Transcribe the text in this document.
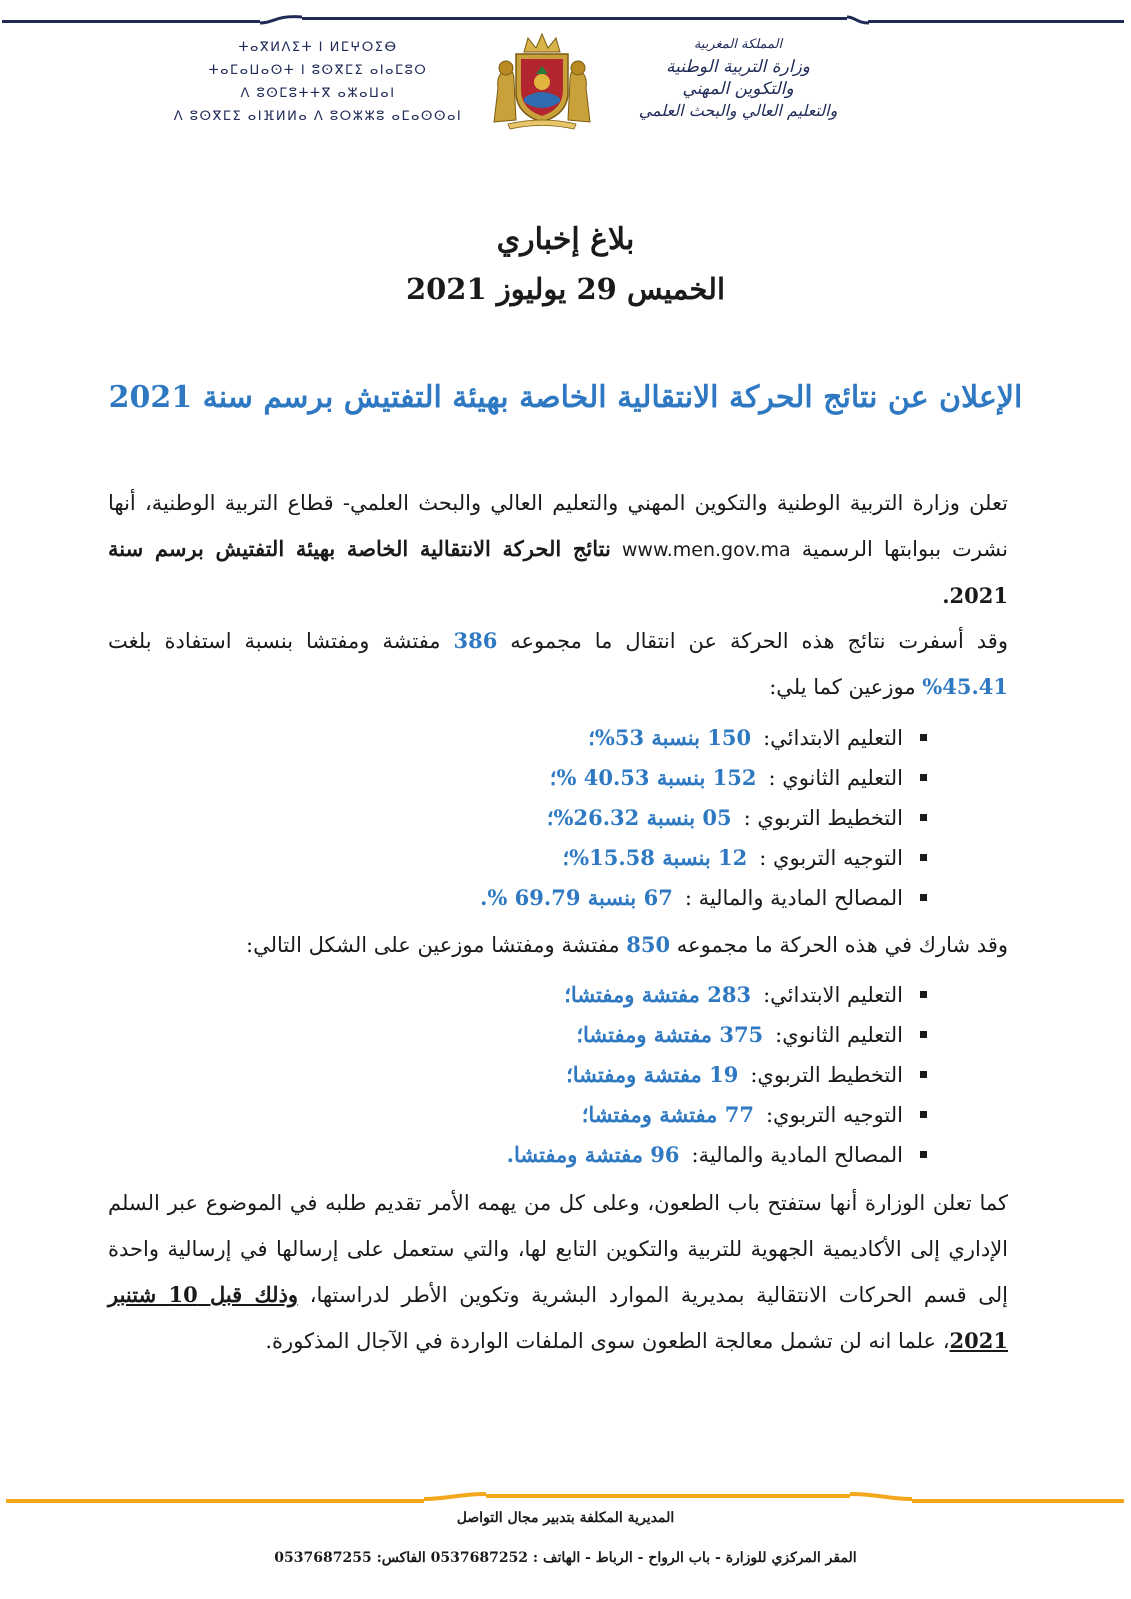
ⵜⴰⴳⵍⴷⵉⵜ ⵏ ⵍⵎⵖⵔⵉⴱ
ⵜⴰⵎⴰⵡⴰⵙⵜ ⵏ ⵓⵙⴳⵎⵉ ⴰⵏⴰⵎⵓⵔ
ⴷ ⵓⵙⵎⵓⵜⵜⴳ ⴰⵣⴰⵡⴰⵏ
ⴷ ⵓⵙⴳⵎⵉ ⴰⵏⴼⵍⵍⴰ ⴷ ⵓⵔⵣⵣⵓ ⴰⵎⴰⵙⵙⴰⵏ
المملكة المغربية
وزارة التربية الوطنية
والتكوين المهني
والتعليم العالي والبحث العلمي
بلاغ إخباري
الخميس 29 يوليوز 2021
الإعلان عن نتائج الحركة الانتقالية الخاصة بهيئة التفتيش برسم سنة 2021
تعلن وزارة التربية الوطنية والتكوين المهني والتعليم العالي والبحث العلمي- قطاع التربية الوطنية، أنها نشرت ببوابتها الرسمية www.men.gov.ma نتائج الحركة الانتقالية الخاصة بهيئة التفتيش برسم سنة 2021.
وقد أسفرت نتائج هذه الحركة عن انتقال ما مجموعه 386 مفتشة ومفتشا بنسبة استفادة بلغت 45.41% موزعين كما يلي:
التعليم الابتدائي:150 بنسبة 53%؛
التعليم الثانوي :152 بنسبة 40.53 %؛
التخطيط التربوي :05 بنسبة 26.32%؛
التوجيه التربوي :12 بنسبة 15.58%؛
المصالح المادية والمالية :67 بنسبة 69.79 %.
وقد شارك في هذه الحركة ما مجموعه 850 مفتشة ومفتشا موزعين على الشكل التالي:
التعليم الابتدائي:283 مفتشة ومفتشا؛
التعليم الثانوي:375 مفتشة ومفتشا؛
التخطيط التربوي:19 مفتشة ومفتشا؛
التوجيه التربوي:77 مفتشة ومفتشا؛
المصالح المادية والمالية:96 مفتشة ومفتشا.
كما تعلن الوزارة أنها ستفتح باب الطعون، وعلى كل من يهمه الأمر تقديم طلبه في الموضوع عبر السلم الإداري إلى الأكاديمية الجهوية للتربية والتكوين التابع لها، والتي ستعمل على إرسالها في إرسالية واحدة إلى قسم الحركات الانتقالية بمديرية الموارد البشرية وتكوين الأطر لدراستها، وذلك قبل 10 شتنبر 2021، علما انه لن تشمل معالجة الطعون سوى الملفات الواردة في الآجال المذكورة.
المديرية المكلفة بتدبير مجال التواصل
المقر المركزي للوزارة - باب الرواح - الرباط - الهاتف : 0537687252 الفاكس: 0537687255
